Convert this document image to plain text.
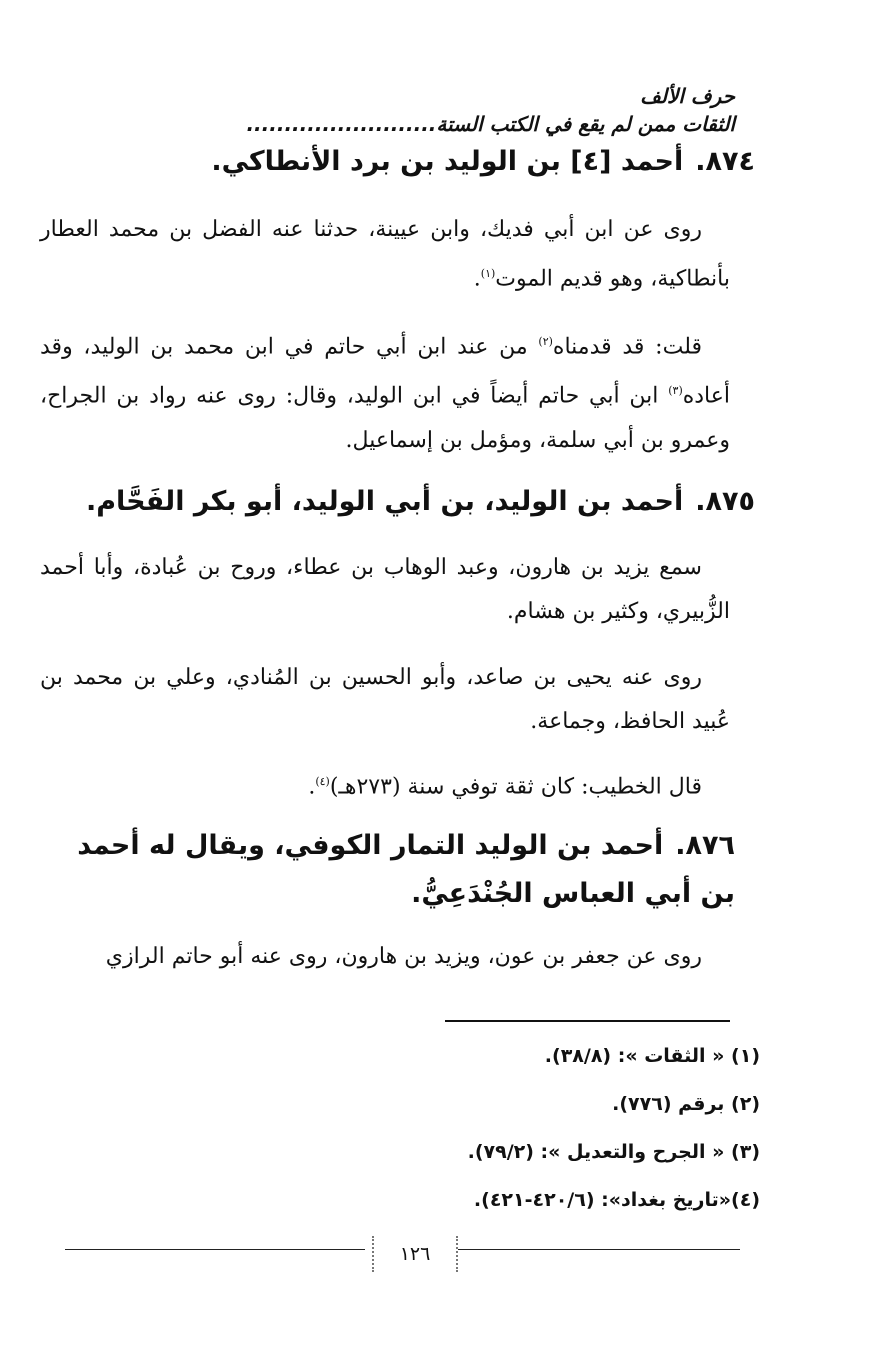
حرف الألف
الثقات ممن لم يقع في الكتب الستة.........................
٨٧٤.أحمد [٤] بن الوليد بن برد الأنطاكي.
روى عن ابن أبي فديك، وابن عيينة، حدثنا عنه الفضل بن محمد العطار بأنطاكية، وهو قديم الموت$^{(١)}$.
قلت: قد قدمناه$^{(٢)}$ من عند ابن أبي حاتم في ابن محمد بن الوليد، وقد أعاده$^{(٣)}$ ابن أبي حاتم أيضاً في ابن الوليد، وقال: روى عنه رواد بن الجراح، وعمرو بن أبي سلمة، ومؤمل بن إسماعيل.
٨٧٥.أحمد بن الوليد، بن أبي الوليد، أبو بكر الفَحَّام.
سمع يزيد بن هارون، وعبد الوهاب بن عطاء، وروح بن عُبادة، وأبا أحمد الزُّبيري، وكثير بن هشام.
روى عنه يحيى بن صاعد، وأبو الحسين بن المُنادي، وعلي بن محمد بن عُبيد الحافظ، وجماعة.
قال الخطيب: كان ثقة توفي سنة (٢٧٣هـ)$^{(٤)}$.
٨٧٦.أحمد بن الوليد التمار الكوفي، ويقال له أحمد بن أبي العباس الجُنْدَعِيُّ.
روى عن جعفر بن عون، ويزيد بن هارون، روى عنه أبو حاتم الرازي
(١) « الثقات »: (٣٨/٨).
(٢) برقم (٧٧٦).
(٣) « الجرح والتعديل »: (٧٩/٢).
(٤)«تاريخ بغداد»: (٤٢٠/٦-٤٢١).
١٢٦
